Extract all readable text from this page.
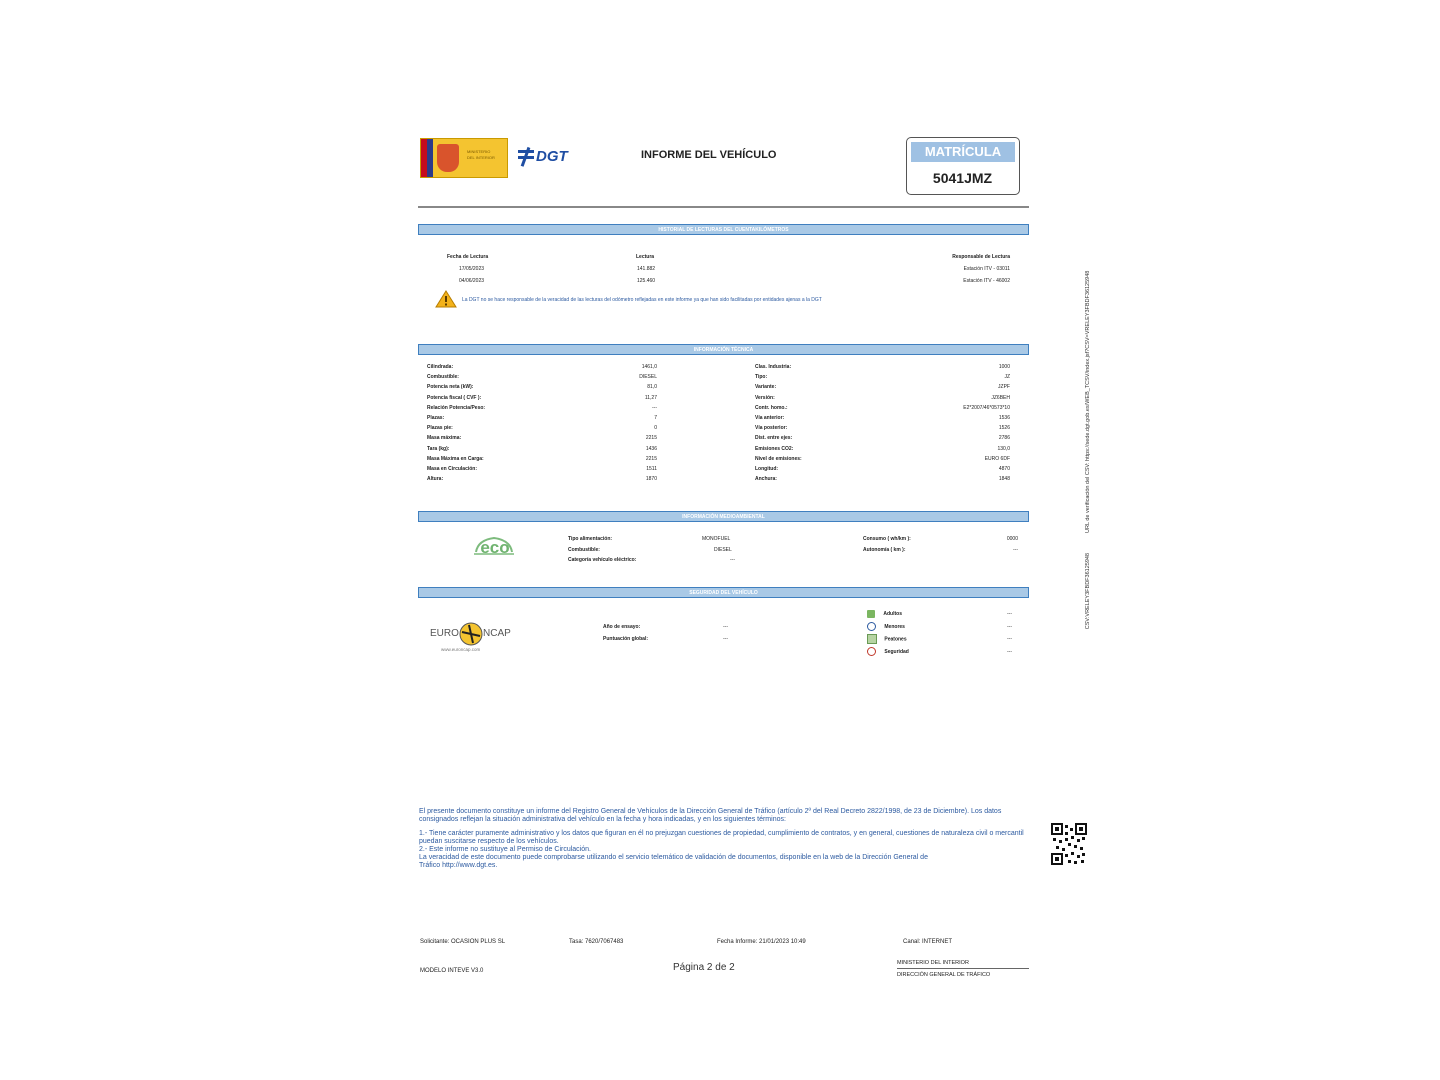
MINISTERIO
DEL INTERIOR	DGT	INFORME DEL VEHÍCULO	MATRÍCULA
5041JMZ
HISTORIAL DE LECTURAS DEL CUENTAKILÓMETROS
Fecha de Lectura	Lectura	Responsable de Lectura
17/05/2023	141.882	Estación ITV - 03011
04/06/2023	125.460	Estación ITV - 46002
La DGT no se hace responsable de la veracidad de las lecturas del odómetro reflejadas en este informe ya que han sido facilitadas por entidades ajenas a la DGT
INFORMACIÓN TÉCNICA
Cilindrada:	1461,0
Combustible:	DIESEL
Potencia neta (kW):	81,0
Potencia fiscal ( CVF ):	11,27
Relación Potencia/Peso:	---
Plazas:	7
Plazas pie:	0
Masa máxima:	2215
Tara (kg):	1436
Masa Máxima en Carga:	2215
Masa en Circulación:	1511
Altura:	1870
Clas. Industria:	1000
Tipo:	JZ
Variante:	JZPF
Versión:	JZ6BEH
Contr. homo.:	E2*2007/46*0573*10
Vía anterior:	1536
Vía posterior:	1526
Dist. entre ejes:	2786
Emisiones CO2:	130,0
Nivel de emisiones:	EURO 6DF
Longitud:	4870
Anchura:	1848
INFORMACIÓN MEDIOAMBIENTAL
eco	Tipo alimentación:	MONOFUEL
Combustible:	DIESEL
Categoría vehículo eléctrico:	---
Consumo ( wh/km ):	0000
Autonomía ( km ):	---
SEGURIDAD DEL VEHÍCULO
EURO NCAP
www.euroncap.com
Año de ensayo:	---
Puntuación global:	---
Adultos	---
Menores	---
Peatones	---
Seguridad	---
El presente documento constituye un informe del Registro General de Vehículos de la Dirección General de Tráfico (artículo 2º del Real Decreto 2822/1998, de 23 de Diciembre). Los datos consignados reflejan la situación administrativa del vehículo en la fecha y hora indicadas, y en los siguientes términos:
1.- Tiene carácter puramente administrativo y los datos que figuran en él no prejuzgan cuestiones de propiedad, cumplimiento de contratos, y en general, cuestiones de naturaleza civil o mercantil puedan suscitarse respecto de los vehículos.
2.- Este informe no sustituye al Permiso de Circulación.
La veracidad de este documento puede comprobarse utilizando el servicio telemático de validación de documentos, disponible en la web de la Dirección General de Tráfico http://www.dgt.es.
URL de verificación del CSV: https://sede.dgt.gob.es/WEB_TCSV/index.jsf?CSV=VRELEY3FBDF36125948
CSV:VRELEY3FBDF36125948
Solicitante: OCASION PLUS SL	Tasa: 7620/7067483	Fecha Informe: 21/01/2023 10:49	Canal: INTERNET
MODELO INTEVE V3.0	Página 2 de 2	MINISTERIO DEL INTERIOR
DIRECCIÓN GENERAL DE TRÁFICO
